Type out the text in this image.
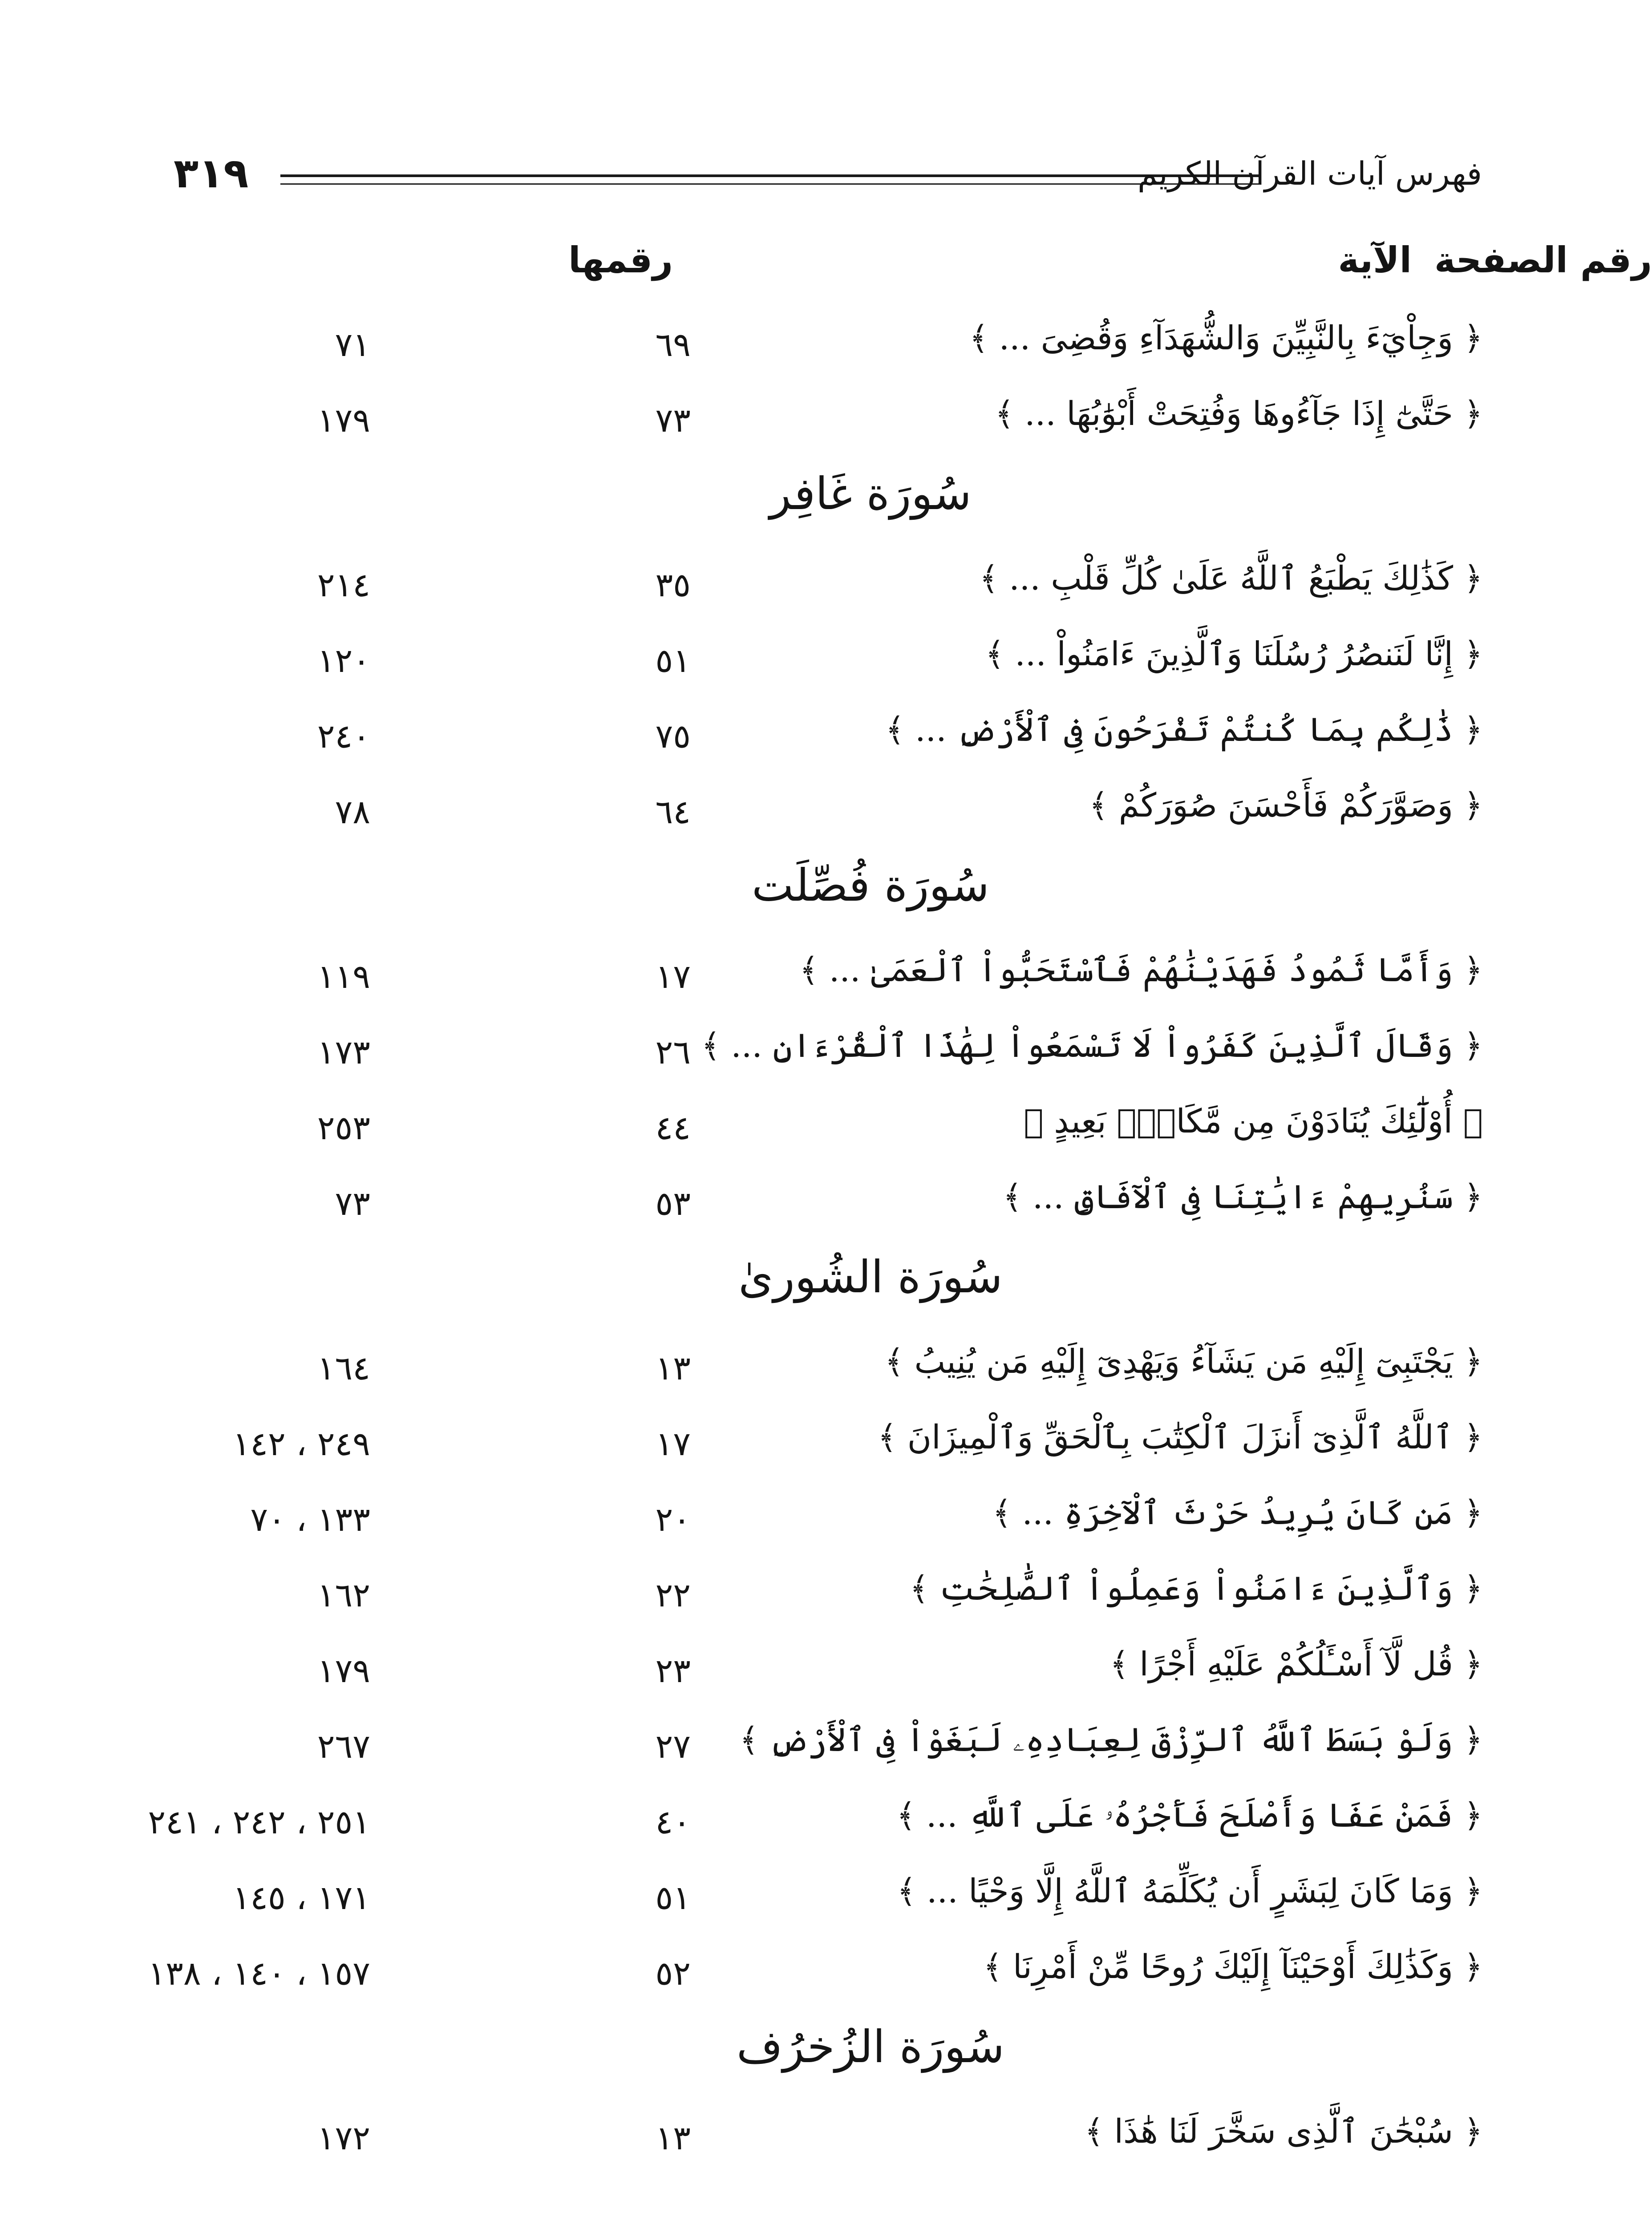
٣١٩	فهرس آيات القرآن الكريم
الآية
رقمها	رقم الصفحة
﴿ وَجِاْيٓءَ بِالنَّبِيِّنَ وَالشُّهَدَآءِ وَقُضِىَ ... ﴾
٦٩
٧١
﴿ حَتَّىٰٓ إِذَا جَآءُوهَا وَفُتِحَتْ أَبْوَٰبُهَا ... ﴾
٧٣
١٧٩
سُورَة غَافِر
﴿ كَذَٰلِكَ يَطْبَعُ ٱللَّهُ عَلَىٰ كُلِّ قَلْبِ ... ﴾
٣٥
٢١٤
﴿ إِنَّا لَنَنصُرُ رُسُلَنَا وَٱلَّذِينَ ءَامَنُواْ ... ﴾
٥١
١٢٠
﴿ ذَٰلِكُم بِمَا كُنتُمْ تَفْرَحُونَ فِى ٱلْأَرْضِ ... ﴾
٧٥
٢٤٠
﴿ وَصَوَّرَكُمْ فَأَحْسَنَ صُوَرَكُمْ ﴾
٦٤
٧٨
سُورَة فُصِّلَت
﴿ وَأَمَّا ثَمُودُ فَهَدَيْنَٰهُمْ فَٱسْتَحَبُّواْ ٱلْعَمَىٰ ... ﴾
١٧
١١٩
﴿ وَقَالَ ٱلَّذِينَ كَفَرُواْ لَا تَسْمَعُواْ لِهَٰذَا ٱلْقُرْءَانِ ... ﴾
٢٦
١٧٣
﴿ أُوْلَٰٓئِكَ يُنَادَوْنَ مِن مَّكَانٍۭ بَعِيدٍ ﴾
٤٤
٢٥٣
﴿ سَنُرِيهِمْ ءَايَٰتِنَا فِى ٱلْآفَاقِ ... ﴾
٥٣
٧٣
سُورَة الشُورىٰ
﴿ يَجْتَبِىٓ إِلَيْهِ مَن يَشَآءُ وَيَهْدِىٓ إِلَيْهِ مَن يُنِيبُ ﴾
١٣
١٦٤
﴿ ٱللَّهُ ٱلَّذِىٓ أَنزَلَ ٱلْكِتَٰبَ بِٱلْحَقِّ وَٱلْمِيزَانَ ﴾
١٧
٢٤٩ ، ١٤٢
﴿ مَن كَانَ يُرِيدُ حَرْثَ ٱلْآخِرَةِ ... ﴾
٢٠
١٣٣ ، ٧٠
﴿ وَٱلَّذِينَ ءَامَنُواْ وَعَمِلُواْ ٱلصَّٰلِحَٰتِ ﴾
٢٢
١٦٢
﴿ قُل لَّآ أَسْـَٔلُكُمْ عَلَيْهِ أَجْرًا ﴾
٢٣
١٧٩
﴿ وَلَوْ بَسَطَ ٱللَّهُ ٱلرِّزْقَ لِعِبَادِهِۦ لَبَغَوْاْ فِى ٱلْأَرْضِ ﴾
٢٧
٢٦٧
﴿ فَمَنْ عَفَا وَأَصْلَحَ فَأَجْرُهُۥ عَلَى ٱللَّهِ ... ﴾
٤٠
٢٥١ ، ٢٤٢ ، ٢٤١
﴿ وَمَا كَانَ لِبَشَرٍ أَن يُكَلِّمَهُ ٱللَّهُ إِلَّا وَحْيًا ... ﴾
٥١
١٧١ ، ١٤٥
﴿ وَكَذَٰلِكَ أَوْحَيْنَآ إِلَيْكَ رُوحًا مِّنْ أَمْرِنَا ﴾
٥٢
١٥٧ ، ١٤٠ ، ١٣٨
سُورَة الزُخرُف
﴿ سُبْحَٰنَ ٱلَّذِى سَخَّرَ لَنَا هَٰذَا ﴾
١٣
١٧٢
